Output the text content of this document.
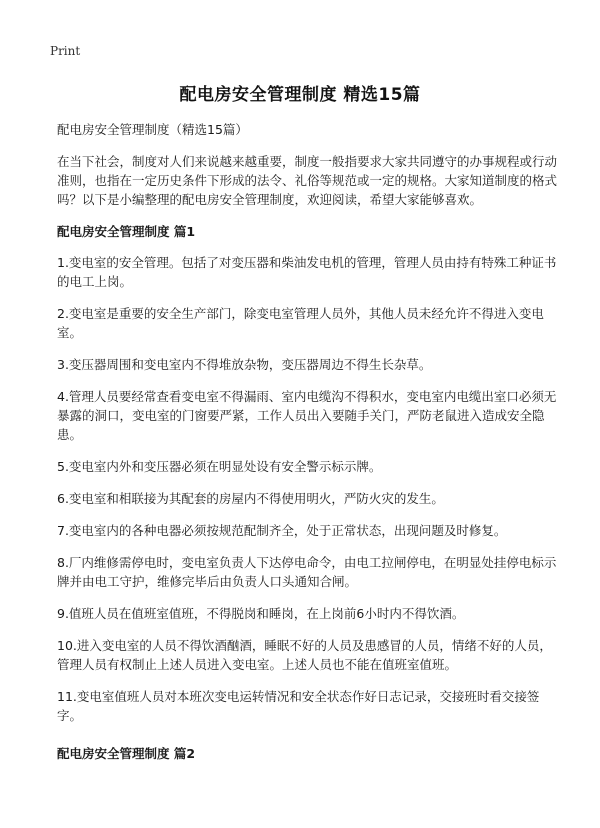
Print
配电房安全管理制度 精选15篇

配电房安全管理制度（精选15篇）

在当下社会，制度对人们来说越来越重要，制度一般指要求大家共同遵守的办事规程或行动准则，也指在一定历史条件下形成的法令、礼俗等规范或一定的规格。大家知道制度的格式吗？以下是小编整理的配电房安全管理制度，欢迎阅读，希望大家能够喜欢。

配电房安全管理制度 篇1

1.变电室的安全管理。包括了对变压器和柴油发电机的管理，管理人员由持有特殊工种证书的电工上岗。

2.变电室是重要的安全生产部门，除变电室管理人员外，其他人员未经允许不得进入变电室。

3.变压器周围和变电室内不得堆放杂物，变压器周边不得生长杂草。

4.管理人员要经常查看变电室不得漏雨、室内电缆沟不得积水，变电室内电缆出室口必须无暴露的洞口，变电室的门窗要严紧，工作人员出入要随手关门，严防老鼠进入造成安全隐患。

5.变电室内外和变压器必须在明显处设有安全警示标示牌。

6.变电室和相联接为其配套的房屋内不得使用明火，严防火灾的发生。

7.变电室内的各种电器必须按规范配制齐全，处于正常状态，出现问题及时修复。

8.厂内维修需停电时，变电室负责人下达停电命令，由电工拉闸停电，在明显处挂停电标示牌并由电工守护，维修完毕后由负责人口头通知合闸。

9.值班人员在值班室值班，不得脱岗和睡岗，在上岗前6小时内不得饮酒。

10.进入变电室的人员不得饮酒酗酒，睡眠不好的人员及患感冒的人员，情绪不好的人员，管理人员有权制止上述人员进入变电室。上述人员也不能在值班室值班。

11.变电室值班人员对本班次变电运转情况和安全状态作好日志记录，交接班时看交接签字。

配电房安全管理制度 篇2
